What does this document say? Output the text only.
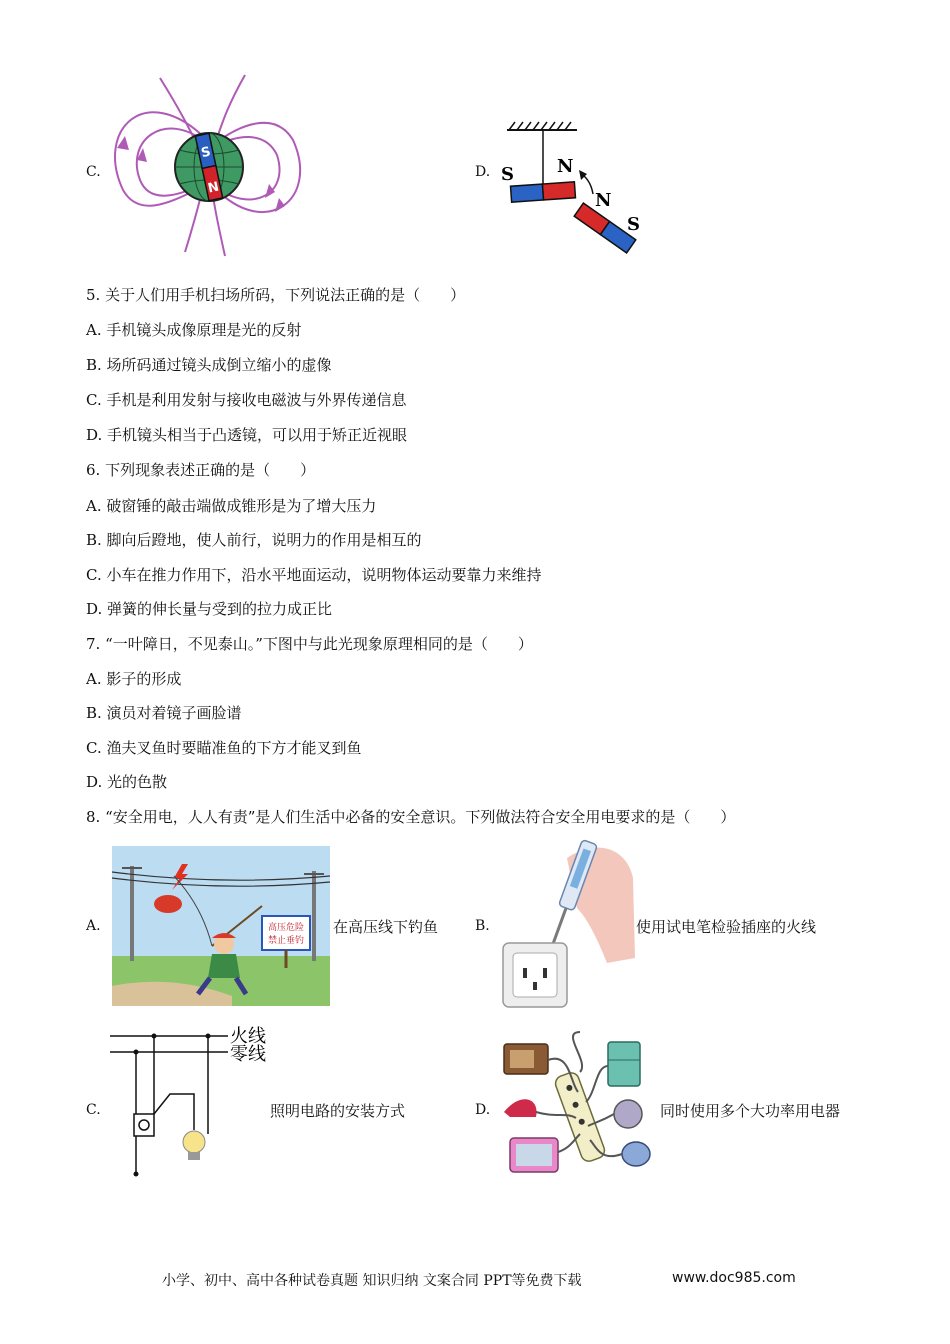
C.
S
N
D. S N
N
S
5. 关于人们用手机扫场所码，下列说法正确的是（　　）
A. 手机镜头成像原理是光的反射
B. 场所码通过镜头成倒立缩小的虚像
C. 手机是利用发射与接收电磁波与外界传递信息
D. 手机镜头相当于凸透镜，可以用于矫正近视眼
6. 下列现象表述正确的是（　　）
A. 破窗锤的敲击端做成锥形是为了增大压力
B. 脚向后蹬地，使人前行，说明力的作用是相互的
C. 小车在推力作用下，沿水平地面运动，说明物体运动要靠力来维持
D. 弹簧的伸长量与受到的拉力成正比
7. “一叶障日，不见泰山。”下图中与此光现象原理相同的是（　　）
A. 影子的形成
B. 演员对着镜子画脸谱
C. 渔夫叉鱼时要瞄准鱼的下方才能叉到鱼
D. 光的色散
8. “安全用电，人人有责”是人们生活中必备的安全意识。下列做法符合安全用电要求的是（　　）
A.	高压危险
禁止垂钓
在高压线下钓鱼	B.	使用试电笔检验插座的火线
C.
火线
零线
照明电路的安装方式	D.	同时使用多个大功率用电器
小学、初中、高中各种试卷真题 知识归纳 文案合同 PPT等免费下载	www.doc985.com
